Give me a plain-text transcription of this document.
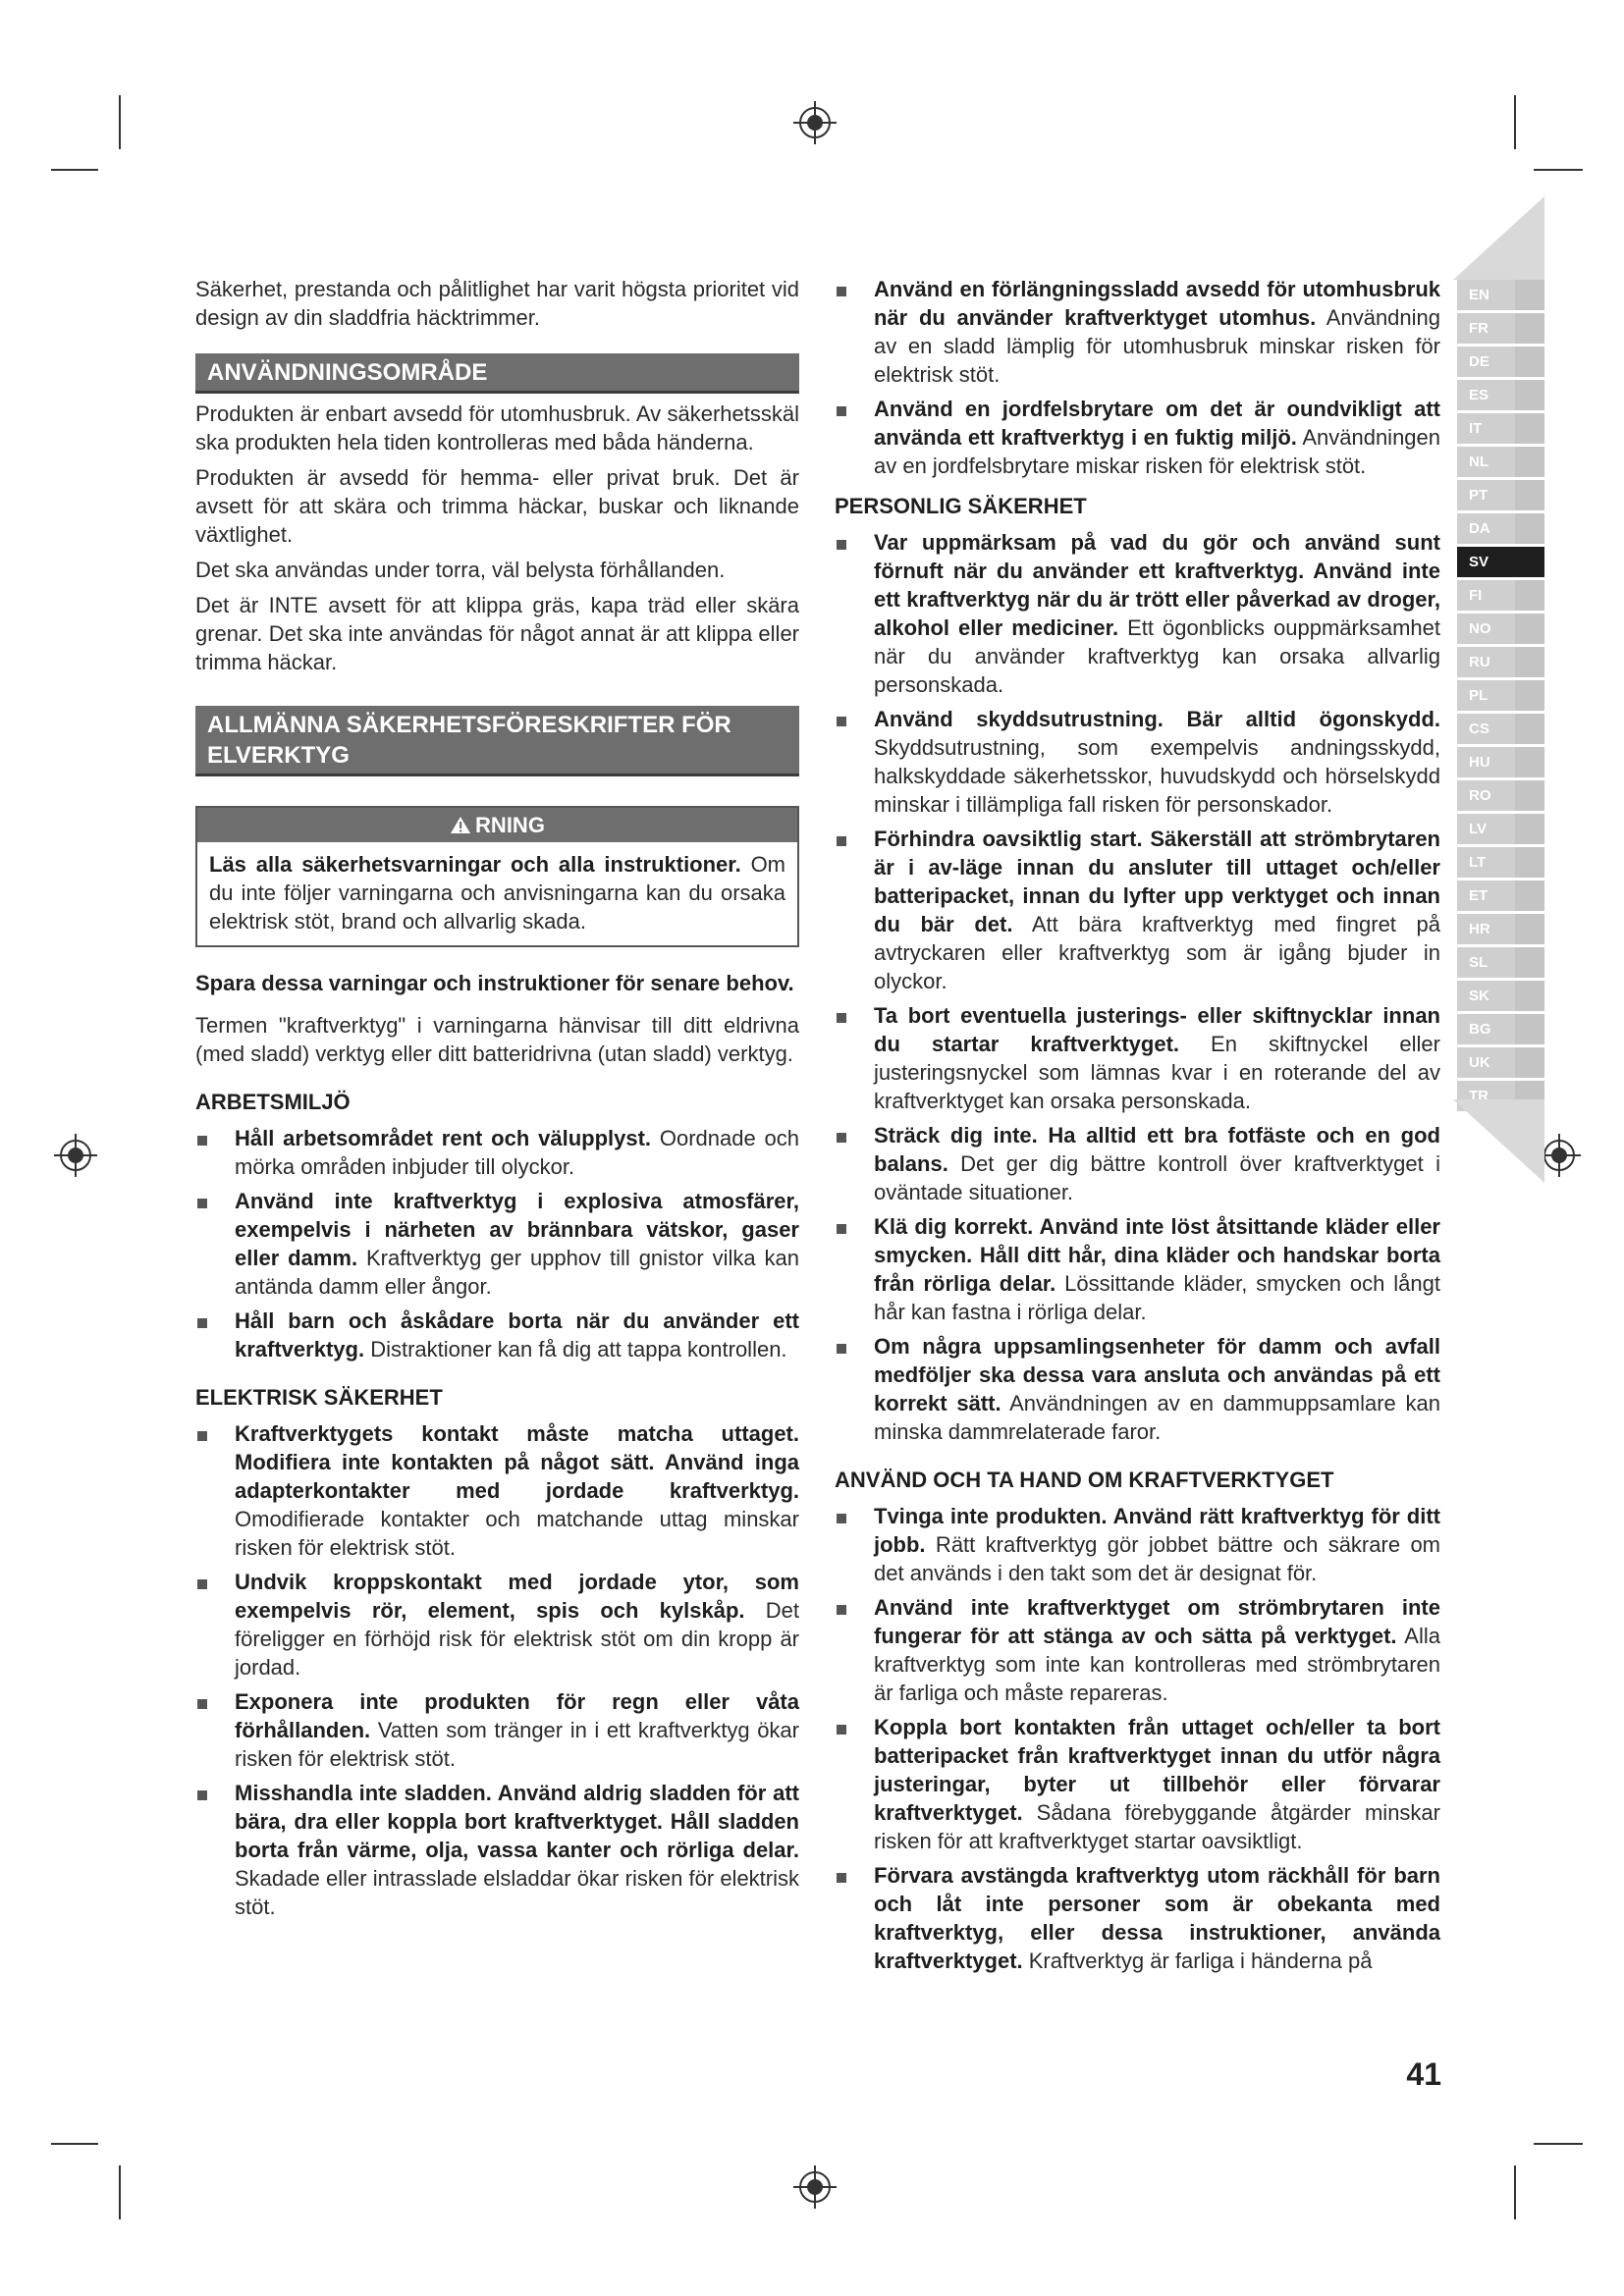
Säkerhet, prestanda och pålitlighet har varit högsta prioritet vid design av din sladdfria häcktrimmer.

ANVÄNDNINGSOMRÅDE

Produkten är enbart avsedd för utomhusbruk. Av säkerhetsskäl ska produkten hela tiden kontrolleras med båda händerna.

Produkten är avsedd för hemma- eller privat bruk. Det är avsett för att skära och trimma häckar, buskar och liknande växtlighet.

Det ska användas under torra, väl belysta förhållanden.

Det är INTE avsett för att klippa gräs, kapa träd eller skära grenar. Det ska inte användas för något annat är att klippa eller trimma häckar.

ALLMÄNNA SÄKERHETSFÖRESKRIFTER FÖR ELVERKTYG
RNING

Läs alla säkerhetsvarningar och alla instruktioner. Om du inte följer varningarna och anvisningarna kan du orsaka elektrisk stöt, brand och allvarlig skada.

Spara dessa varningar och instruktioner för senare behov.

Termen "kraftverktyg" i varningarna hänvisar till ditt eldrivna (med sladd) verktyg eller ditt batteridrivna (utan sladd) verktyg.

ARBETSMILJÖ
Håll arbetsområdet rent och välupplyst. Oordnade och mörka områden inbjuder till olyckor.
Använd inte kraftverktyg i explosiva atmosfärer, exempelvis i närheten av brännbara vätskor, gaser eller damm. Kraftverktyg ger upphov till gnistor vilka kan antända damm eller ångor.
Håll barn och åskådare borta när du använder ett kraftverktyg. Distraktioner kan få dig att tappa kontrollen.
ELEKTRISK SÄKERHET
Kraftverktygets kontakt måste matcha uttaget. Modifiera inte kontakten på något sätt. Använd inga adapterkontakter med jordade kraftverktyg. Omodifierade kontakter och matchande uttag minskar risken för elektrisk stöt.
Undvik kroppskontakt med jordade ytor, som exempelvis rör, element, spis och kylskåp. Det föreligger en förhöjd risk för elektrisk stöt om din kropp är jordad.
Exponera inte produkten för regn eller våta förhållanden. Vatten som tränger in i ett kraftverktyg ökar risken för elektrisk stöt.
Misshandla inte sladden. Använd aldrig sladden för att bära, dra eller koppla bort kraftverktyget. Håll sladden borta från värme, olja, vassa kanter och rörliga delar. Skadade eller intrasslade elsladdar ökar risken för elektrisk stöt.
Använd en förlängningssladd avsedd för utomhusbruk när du använder kraftverktyget utomhus. Användning av en sladd lämplig för utomhusbruk minskar risken för elektrisk stöt.
Använd en jordfelsbrytare om det är oundvikligt att använda ett kraftverktyg i en fuktig miljö. Användningen av en jordfelsbrytare miskar risken för elektrisk stöt.
PERSONLIG SÄKERHET
Var uppmärksam på vad du gör och använd sunt förnuft när du använder ett kraftverktyg. Använd inte ett kraftverktyg när du är trött eller påverkad av droger, alkohol eller mediciner. Ett ögonblicks ouppmärksamhet när du använder kraftverktyg kan orsaka allvarlig personskada.
Använd skyddsutrustning. Bär alltid ögonskydd. Skyddsutrustning, som exempelvis andningsskydd, halkskyddade säkerhetsskor, huvudskydd och hörselskydd minskar i tillämpliga fall risken för personskador.
Förhindra oavsiktlig start. Säkerställ att strömbrytaren är i av-läge innan du ansluter till uttaget och/eller batteripacket, innan du lyfter upp verktyget och innan du bär det. Att bära kraftverktyg med fingret på avtryckaren eller kraftverktyg som är igång bjuder in olyckor.
Ta bort eventuella justerings- eller skiftnycklar innan du startar kraftverktyget. En skiftnyckel eller justeringsnyckel som lämnas kvar i en roterande del av kraftverktyget kan orsaka personskada.
Sträck dig inte. Ha alltid ett bra fotfäste och en god balans. Det ger dig bättre kontroll över kraftverktyget i oväntade situationer.
Klä dig korrekt. Använd inte löst åtsittande kläder eller smycken. Håll ditt hår, dina kläder och handskar borta från rörliga delar. Lössittande kläder, smycken och långt hår kan fastna i rörliga delar.
Om några uppsamlingsenheter för damm och avfall medföljer ska dessa vara ansluta och användas på ett korrekt sätt. Användningen av en dammuppsamlare kan minska dammrelaterade faror.
ANVÄND OCH TA HAND OM KRAFTVERKTYGET
Tvinga inte produkten. Använd rätt kraftverktyg för ditt jobb. Rätt kraftverktyg gör jobbet bättre och säkrare om det används i den takt som det är designat för.
Använd inte kraftverktyget om strömbrytaren inte fungerar för att stänga av och sätta på verktyget. Alla kraftverktyg som inte kan kontrolleras med strömbrytaren är farliga och måste repareras.
Koppla bort kontakten från uttaget och/eller ta bort batteripacket från kraftverktyget innan du utför några justeringar, byter ut tillbehör eller förvarar kraftverktyget. Sådana förebyggande åtgärder minskar risken för att kraftverktyget startar oavsiktligt.
Förvara avstängda kraftverktyg utom räckhåll för barn och låt inte personer som är obekanta med kraftverktyg, eller dessa instruktioner, använda kraftverktyget. Kraftverktyg är farliga i händerna på
EN
FR
DE
ES
IT
NL
PT
DA
SV
FI
NO
RU
PL
CS
HU
RO
LV
LT
ET
HR
SL
SK
BG
UK
TR
41
